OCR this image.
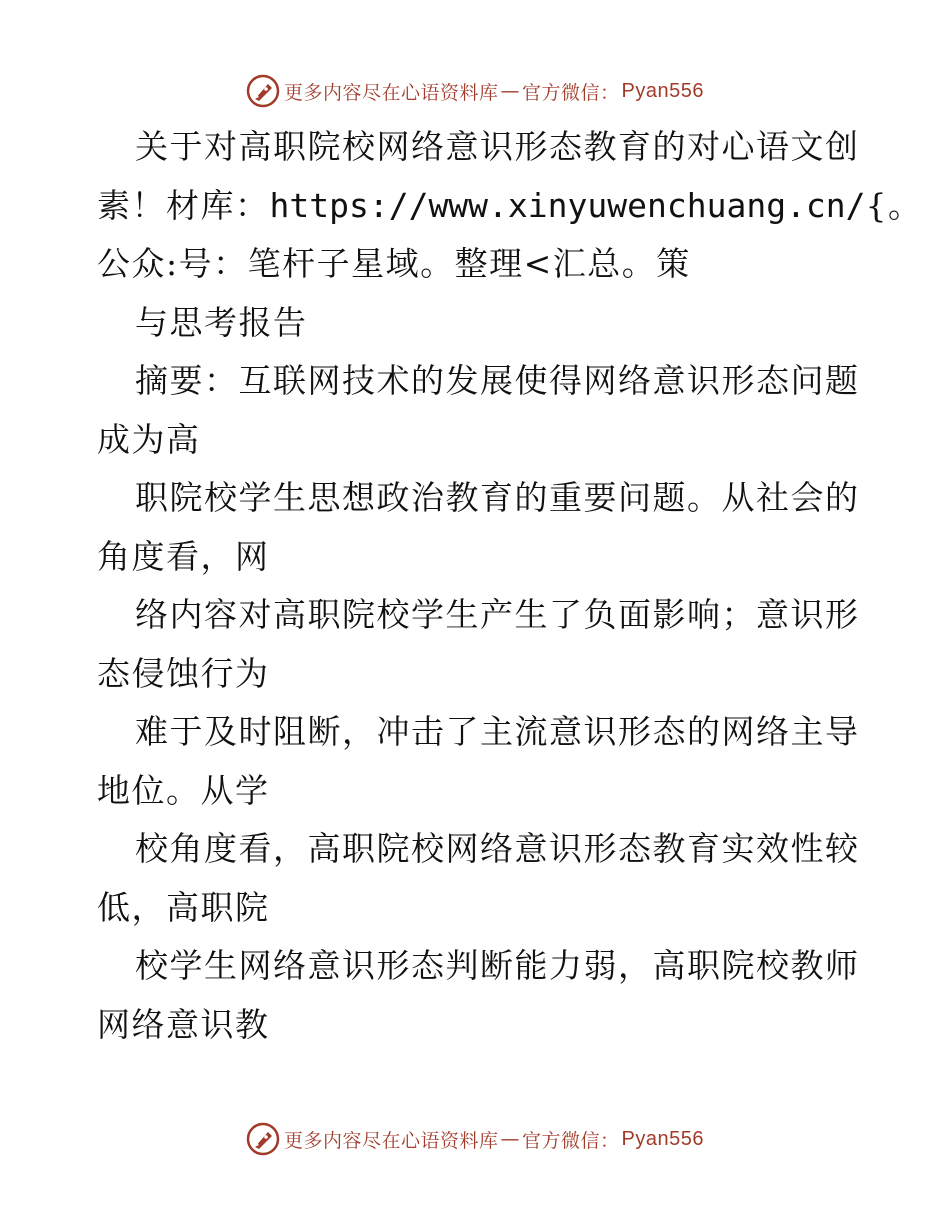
更多内容尽在心语资料库 — 官方微信： Pyan556
关于对高职院校网络意识形态教育的对心语文创
素！材库：https://www.xinyuwenchuang.cn/{。
公众:号：笔杆子星域。整理<汇总。策
与思考报告
摘要：互联网技术的发展使得网络意识形态问题
成为高
职院校学生思想政治教育的重要问题。从社会的
角度看，网
络内容对高职院校学生产生了负面影响；意识形
态侵蚀行为
难于及时阻断，冲击了主流意识形态的网络主导
地位。从学
校角度看，高职院校网络意识形态教育实效性较
低，高职院
校学生网络意识形态判断能力弱，高职院校教师
网络意识教
更多内容尽在心语资料库 — 官方微信： Pyan556
